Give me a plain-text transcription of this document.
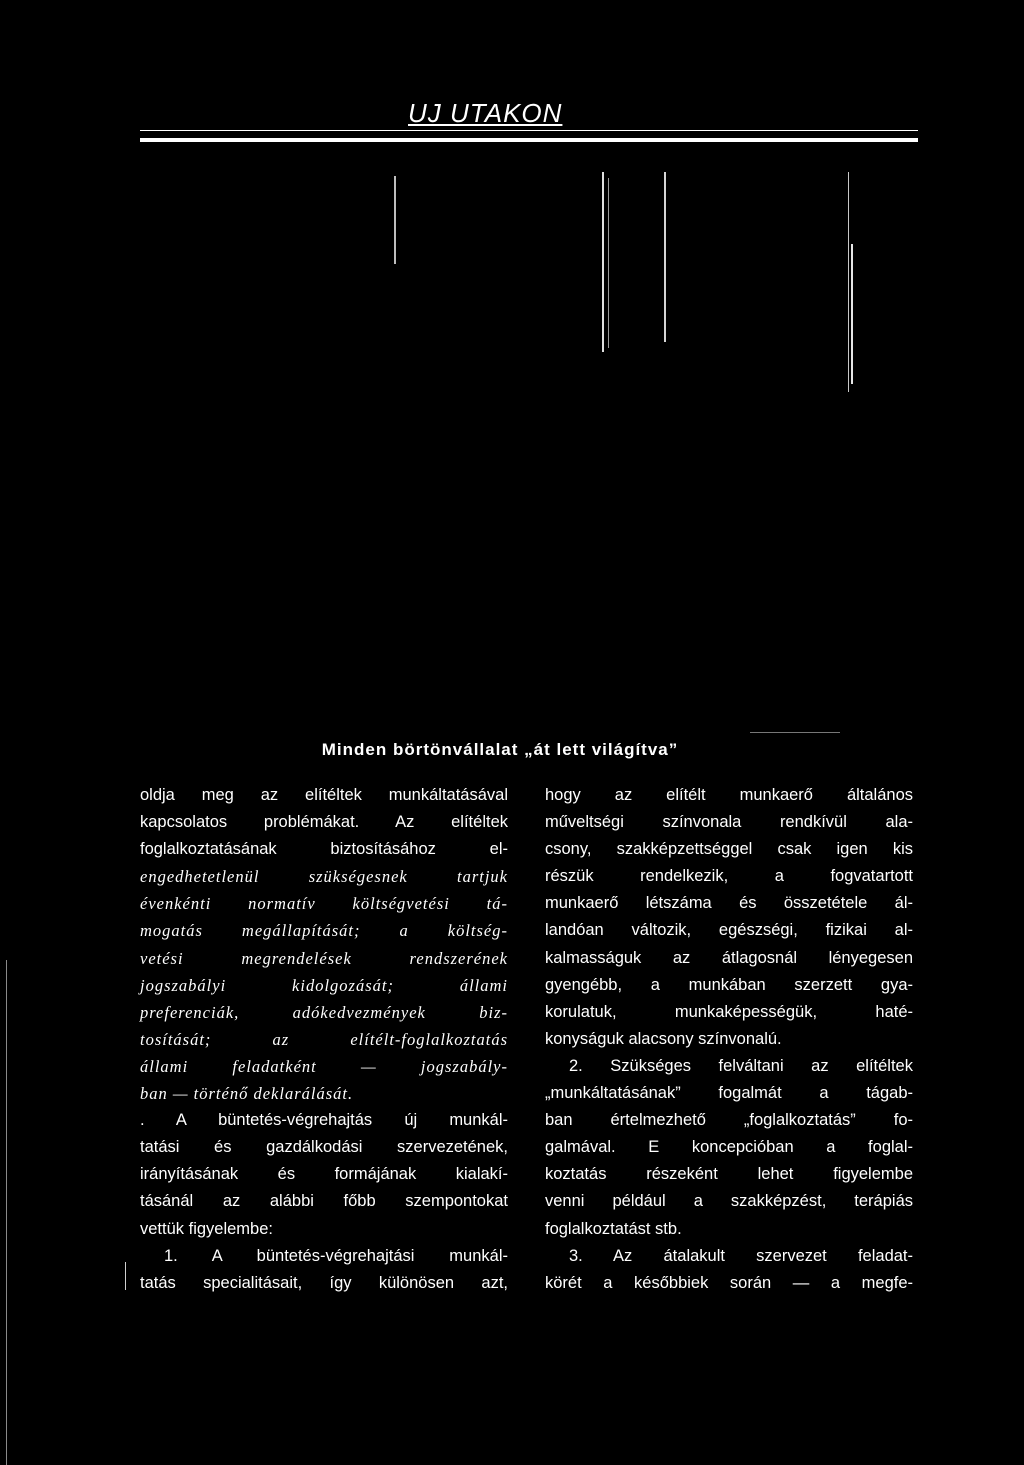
UJ UTAKON
Minden börtönvállalat „át lett világítva”
oldja meg az elítéltek munkáltatásával
kapcsolatos problémákat. Az elítéltek
foglalkoztatásának biztosításához el-
engedhetetlenül szükségesnek tartjuk
évenkénti normatív költségvetési tá-
mogatás megállapítását; a költség-
vetési megrendelések rendszerének
jogszabályi kidolgozását; állami
preferenciák, adókedvezmények biz-
tosítását; az elítélt-foglalkoztatás
állami feladatként — jogszabály-
ban — történő deklarálását.
. A büntetés-végrehajtás új munkál-
tatási és gazdálkodási szervezetének,
irányításának és formájának kialakí-
tásánál az alábbi főbb szempontokat
vettük figyelembe:
1. A büntetés-végrehajtási munkál-
tatás specialitásait, így különösen azt,
hogy az elítélt munkaerő általános
műveltségi színvonala rendkívül ala-
csony, szakképzettséggel csak igen kis
részük rendelkezik, a fogvatartott
munkaerő létszáma és összetétele ál-
landóan változik, egészségi, fizikai al-
kalmasságuk az átlagosnál lényegesen
gyengébb, a munkában szerzett gya-
korulatuk, munkaképességük, haté-
konyságuk alacsony színvonalú.
2. Szükséges felváltani az elítéltek
„munkáltatásának” fogalmát a tágab-
ban értelmezhető „foglalkoztatás” fo-
galmával. E koncepcióban a foglal-
koztatás részeként lehet figyelembe
venni például a szakképzést, terápiás
foglalkoztatást stb.
3. Az átalakult szervezet feladat-
körét a későbbiek során — a megfe-
